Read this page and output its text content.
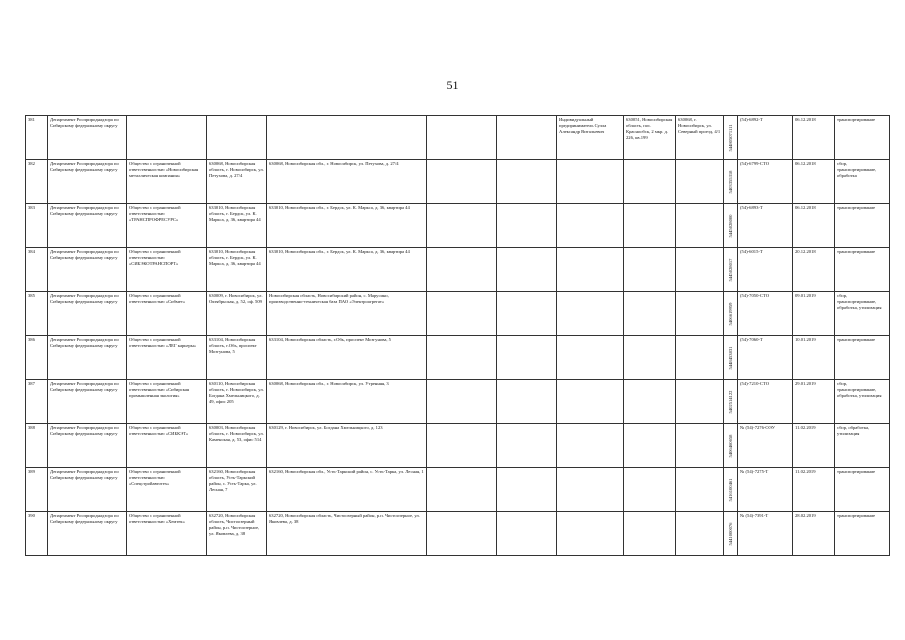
51
381	Департамент Росприроднадзора по Сибирскому федеральному округу						Индивидуальный предприниматель Сулла Александр Витальевич	630051, Новосибирская область, пос. Краснообск, 2 мкр. д. 226, кв.199	630068, г. Новосибирск, ул. Северный проезд, 4/1	544805071111	(54)-6892-Т	06.12.2018	транспортирование
382	Департамент Росприроднадзора по Сибирскому федеральному округу	Общество с ограниченной ответственностью «Новосибирская металлическая компания»	630068, Новосибирская область, г. Новосибирск, ул. Петухова, д. 27/4	630068, Новосибирская обл., г. Новосибирск, ул. Петухова, д. 27/4						5403355318	(54)-6799-СТО	06.12.2018	сбор, транспортирование, обработка
383	Департамент Росприроднадзора по Сибирскому федеральному округу	Общество с ограниченной ответственностью «ТРАНСПРОФРЕСУРС»	633010, Новосибирская область, г. Бердск, ул. К. Маркса, д. 36, квартира 44	633010, Новосибирская обл., г. Бердск, ул. К. Маркса, д. 36, квартира 44						5445028000	(54)-6893-Т	06.12.2018	транспортирование
384	Департамент Росприроднадзора по Сибирскому федеральному округу	Общество с ограниченной ответственностью «СИБЭКОТРАНСПОРТ»	633010, Новосибирская область, г. Бердск, ул. К. Маркса, д. 36, квартира 44	633010, Новосибирская обл., г. Бердск, ул. К. Маркса, д. 36, квартира 44						5445028017	(54)-6015-Т	20.12.2018	транспортирование
385	Департамент Росприроднадзора по Сибирскому федеральному округу	Общество с ограниченной ответственностью «Сибмет»	630009, г. Новосибирск, ул. Октябрьская, д. 52, оф. 509	Новосибирская область, Новосибирский район, с. Марусино, производственно-техническая база ПАО «Электроагрегат»						5406619959	(54)-7050-СТО	09.01.2019	сбор, транспортирование, обработка, утилизация
386	Департамент Росприроднадзора по Сибирскому федеральному округу	Общество с ограниченной ответственностью «ЛЕГ карьеры»	633104, Новосибирская область, г.Обь, проспект Мозгунова, 5	633104, Новосибирская область, г.Обь, проспект Мозгунова, 5						5448453831	(54)-7060-Т	10.01.2019	транспортирование
387	Департамент Росприроднадзора по Сибирскому федеральному округу	Общество с ограниченной ответственностью «Сибирская промышленная экология»	630110, Новосибирская область, г. Новосибирск, ул. Богдана Хмельницкого, д. 49, офис 205	630068, Новосибирская обл., г. Новосибирск, ул. Утренняя, 3						5402514122	(54)-7210-СТО	29.01.2019	сбор, транспортирование, обработка, утилизация
388	Департамент Росприроднадзора по Сибирскому федеральному округу	Общество с ограниченной ответственностью «СИБКЭТ»	630003, Новосибирская область, г. Новосибирск, ул. Каменская, д. 53, офис 514	630129, г. Новосибирск, ул. Богдана Хмельницкого, д. 123						5406460658	№ (54)-7276-ОЭУ	11.02.2019	сбор, обработка, утилизация
389	Департамент Росприроднадзора по Сибирскому федеральному округу	Общество с ограниченной ответственностью «Спецстройавтотех»	632160, Новосибирская область, Усть-Таркский район, с. Усть-Тарка, ул. Лесная, 7	632160, Новосибирская обл., Усть-Таркский район, с. Усть-Тарка, ул. Лесная, 1						5416100461	№ (54)-7275-Т	11.02.2019	транспортирование
390	Департамент Росприроднадзора по Сибирскому федеральному округу	Общество с ограниченной ответственностью «Хемтек»	632720, Новосибирская область, Чистоозерный район, р.п. Чистоозерное, ул. Яковлева, д. 38	632720, Новосибирская область, Чистоозерный район, р.п. Чистоозерное, ул. Яковлева, д. 38						5441000076	№ (54)-7391-Т	28.02.2019	транспортирование
